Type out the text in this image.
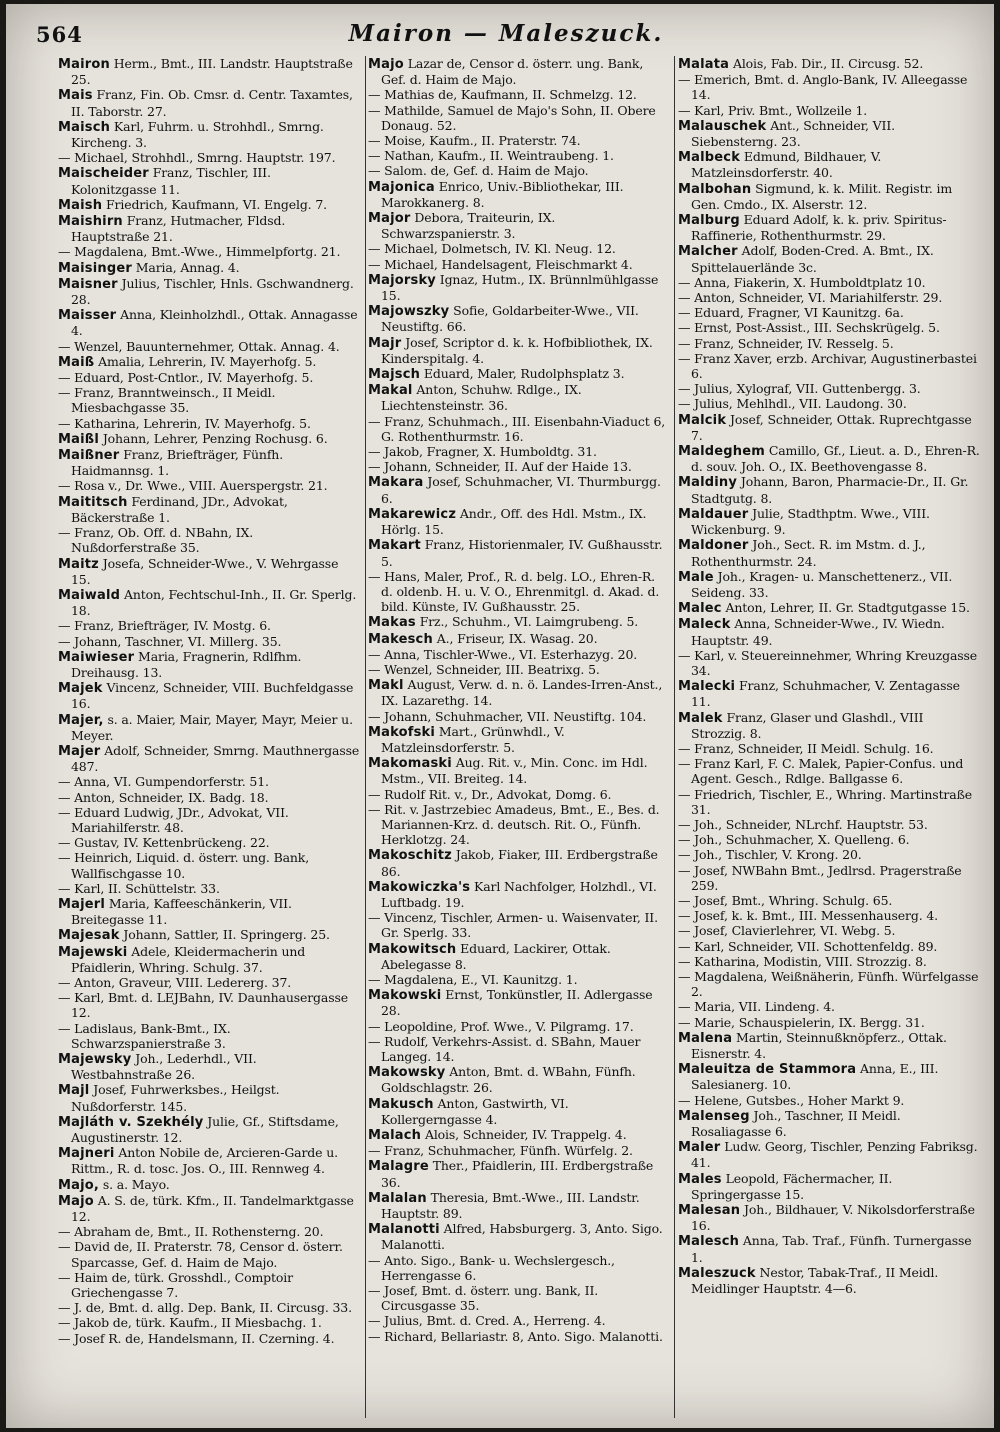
564	Mairon — Maleszuck.

Mairon Herm., Bmt., III. Landstr. Hauptstraße 25.

Mais Franz, Fin. Ob. Cmsr. d. Centr. Taxamtes, II. Taborstr. 27.

Maisch Karl, Fuhrm. u. Strohhdl., Smrng. Kircheng. 3.

— Michael, Strohhdl., Smrng. Hauptstr. 197.

Maischeider Franz, Tischler, III. Kolonitzgasse 11.

Maish Friedrich, Kaufmann, VI. Engelg. 7.

Maishirn Franz, Hutmacher, Fldsd. Hauptstraße 21.

— Magdalena, Bmt.-Wwe., Himmelpfortg. 21.

Maisinger Maria, Annag. 4.

Maisner Julius, Tischler, Hnls. Gschwandnerg. 28.

Maisser Anna, Kleinholzhdl., Ottak. Annagasse 4.

— Wenzel, Bauunternehmer, Ottak. Annag. 4.

Maiß Amalia, Lehrerin, IV. Mayerhofg. 5.

— Eduard, Post-Cntlor., IV. Mayerhofg. 5.

— Franz, Branntweinsch., II Meidl. Miesbachgasse 35.

— Katharina, Lehrerin, IV. Mayerhofg. 5.

Maißl Johann, Lehrer, Penzing Rochusg. 6.

Maißner Franz, Briefträger, Fünfh. Haidmannsg. 1.

— Rosa v., Dr. Wwe., VIII. Auerspergstr. 21.

Maititsch Ferdinand, JDr., Advokat, Bäckerstraße 1.

— Franz, Ob. Off. d. NBahn, IX. Nußdorferstraße 35.

Maitz Josefa, Schneider-Wwe., V. Wehrgasse 15.

Maiwald Anton, Fechtschul-Inh., II. Gr. Sperlg. 18.

— Franz, Briefträger, IV. Mostg. 6.

— Johann, Taschner, VI. Millerg. 35.

Maiwieser Maria, Fragnerin, Rdlfhm. Dreihausg. 13.

Majek Vincenz, Schneider, VIII. Buchfeldgasse 16.

Majer, s. a. Maier, Mair, Mayer, Mayr, Meier u. Meyer.

Majer Adolf, Schneider, Smrng. Mauthnergasse 487.

— Anna, VI. Gumpendorferstr. 51.

— Anton, Schneider, IX. Badg. 18.

— Eduard Ludwig, JDr., Advokat, VII. Mariahilferstr. 48.

— Gustav, IV. Kettenbrückeng. 22.

— Heinrich, Liquid. d. österr. ung. Bank, Wallfischgasse 10.

— Karl, II. Schüttelstr. 33.

Majerl Maria, Kaffeeschänkerin, VII. Breitegasse 11.

Majesak Johann, Sattler, II. Springerg. 25.

Majewski Adele, Kleidermacherin und Pfaidlerin, Whring. Schulg. 37.

— Anton, Graveur, VIII. Ledererg. 37.

— Karl, Bmt. d. LEJBahn, IV. Daunhausergasse 12.

— Ladislaus, Bank-Bmt., IX. Schwarzspanierstraße 3.

Majewsky Joh., Lederhdl., VII. Westbahnstraße 26.

Majl Josef, Fuhrwerksbes., Heilgst. Nußdorferstr. 145.

Majláth v. Szekhély Julie, Gf., Stiftsdame, Augustinerstr. 12.

Majneri Anton Nobile de, Arcieren-Garde u. Rittm., R. d. tosc. Jos. O., III. Rennweg 4.

Majo, s. a. Mayo.

Majo A. S. de, türk. Kfm., II. Tandelmarktgasse 12.

— Abraham de, Bmt., II. Rothensterng. 20.

— David de, II. Praterstr. 78, Censor d. österr. Sparcasse, Gef. d. Haim de Majo.

— Haim de, türk. Grosshdl., Comptoir Griechengasse 7.

— J. de, Bmt. d. allg. Dep. Bank, II. Circusg. 33.

— Jakob de, türk. Kaufm., II Miesbachg. 1.

— Josef R. de, Handelsmann, II. Czerning. 4.

Majo Lazar de, Censor d. österr. ung. Bank, Gef. d. Haim de Majo.

— Mathias de, Kaufmann, II. Schmelzg. 12.

— Mathilde, Samuel de Majo's Sohn, II. Obere Donaug. 52.

— Moise, Kaufm., II. Praterstr. 74.

— Nathan, Kaufm., II. Weintraubeng. 1.

— Salom. de, Gef. d. Haim de Majo.

Majonica Enrico, Univ.-Bibliothekar, III. Marokkanerg. 8.

Major Debora, Traiteurin, IX. Schwarzspanierstr. 3.

— Michael, Dolmetsch, IV. Kl. Neug. 12.

— Michael, Handelsagent, Fleischmarkt 4.

Majorsky Ignaz, Hutm., IX. Brünnlmühlgasse 15.

Majowszky Sofie, Goldarbeiter-Wwe., VII. Neustiftg. 66.

Majr Josef, Scriptor d. k. k. Hofbibliothek, IX. Kinderspitalg. 4.

Majsch Eduard, Maler, Rudolphsplatz 3.

Makal Anton, Schuhw. Rdlge., IX. Liechtensteinstr. 36.

— Franz, Schuhmach., III. Eisenbahn-Viaduct 6, G. Rothenthurmstr. 16.

— Jakob, Fragner, X. Humboldtg. 31.

— Johann, Schneider, II. Auf der Haide 13.

Makara Josef, Schuhmacher, VI. Thurmburgg. 6.

Makarewicz Andr., Off. des Hdl. Mstm., IX. Hörlg. 15.

Makart Franz, Historienmaler, IV. Gußhausstr. 5.

— Hans, Maler, Prof., R. d. belg. LO., Ehren-R. d. oldenb. H. u. V. O., Ehrenmitgl. d. Akad. d. bild. Künste, IV. Gußhausstr. 25.

Makas Frz., Schuhm., VI. Laimgrubeng. 5.

Makesch A., Friseur, IX. Wasag. 20.

— Anna, Tischler-Wwe., VI. Esterhazyg. 20.

— Wenzel, Schneider, III. Beatrixg. 5.

Makl August, Verw. d. n. ö. Landes-Irren-Anst., IX. Lazarethg. 14.

— Johann, Schuhmacher, VII. Neustiftg. 104.

Makofski Mart., Grünwhdl., V. Matzleinsdorferstr. 5.

Makomaski Aug. Rit. v., Min. Conc. im Hdl. Mstm., VII. Breiteg. 14.

— Rudolf Rit. v., Dr., Advokat, Domg. 6.

— Rit. v. Jastrzebiec Amadeus, Bmt., E., Bes. d. Mariannen-Krz. d. deutsch. Rit. O., Fünfh. Herklotzg. 24.

Makoschitz Jakob, Fiaker, III. Erdbergstraße 86.

Makowiczka's Karl Nachfolger, Holzhdl., VI. Luftbadg. 19.

— Vincenz, Tischler, Armen- u. Waisenvater, II. Gr. Sperlg. 33.

Makowitsch Eduard, Lackirer, Ottak. Abelegasse 8.

— Magdalena, E., VI. Kaunitzg. 1.

Makowski Ernst, Tonkünstler, II. Adlergasse 28.

— Leopoldine, Prof. Wwe., V. Pilgramg. 17.

— Rudolf, Verkehrs-Assist. d. SBahn, Mauer Langeg. 14.

Makowsky Anton, Bmt. d. WBahn, Fünfh. Goldschlagstr. 26.

Makusch Anton, Gastwirth, VI. Kollergerngasse 4.

Malach Alois, Schneider, IV. Trappelg. 4.

— Franz, Schuhmacher, Fünfh. Würfelg. 2.

Malagre Ther., Pfaidlerin, III. Erdbergstraße 36.

Malalan Theresia, Bmt.-Wwe., III. Landstr. Hauptstr. 89.

Malanotti Alfred, Habsburgerg. 3, Anto. Sigo. Malanotti.

— Anto. Sigo., Bank- u. Wechslergesch., Herrengasse 6.

— Josef, Bmt. d. österr. ung. Bank, II. Circusgasse 35.

— Julius, Bmt. d. Cred. A., Herreng. 4.

— Richard, Bellariastr. 8, Anto. Sigo. Malanotti.

Malata Alois, Fab. Dir., II. Circusg. 52.

— Emerich, Bmt. d. Anglo-Bank, IV. Alleegasse 14.

— Karl, Priv. Bmt., Wollzeile 1.

Malauschek Ant., Schneider, VII. Siebensterng. 23.

Malbeck Edmund, Bildhauer, V. Matzleinsdorferstr. 40.

Malbohan Sigmund, k. k. Milit. Registr. im Gen. Cmdo., IX. Alserstr. 12.

Malburg Eduard Adolf, k. k. priv. Spiritus-Raffinerie, Rothenthurmstr. 29.

Malcher Adolf, Boden-Cred. A. Bmt., IX. Spittelauerlände 3c.

— Anna, Fiakerin, X. Humboldtplatz 10.

— Anton, Schneider, VI. Mariahilferstr. 29.

— Eduard, Fragner, VI Kaunitzg. 6a.

— Ernst, Post-Assist., III. Sechskrügelg. 5.

— Franz, Schneider, IV. Resselg. 5.

— Franz Xaver, erzb. Archivar, Augustinerbastei 6.

— Julius, Xylograf, VII. Guttenbergg. 3.

— Julius, Mehlhdl., VII. Laudong. 30.

Malcik Josef, Schneider, Ottak. Ruprechtgasse 7.

Maldeghem Camillo, Gf., Lieut. a. D., Ehren-R. d. souv. Joh. O., IX. Beethovengasse 8.

Maldiny Johann, Baron, Pharmacie-Dr., II. Gr. Stadtgutg. 8.

Maldauer Julie, Stadthptm. Wwe., VIII. Wickenburg. 9.

Maldoner Joh., Sect. R. im Mstm. d. J., Rothenthurmstr. 24.

Male Joh., Kragen- u. Manschettenerz., VII. Seideng. 33.

Malec Anton, Lehrer, II. Gr. Stadtgutgasse 15.

Maleck Anna, Schneider-Wwe., IV. Wiedn. Hauptstr. 49.

— Karl, v. Steuereinnehmer, Whring Kreuzgasse 34.

Malecki Franz, Schuhmacher, V. Zentagasse 11.

Malek Franz, Glaser und Glashdl., VIII Strozzig. 8.

— Franz, Schneider, II Meidl. Schulg. 16.

— Franz Karl, F. C. Malek, Papier-Confus. und Agent. Gesch., Rdlge. Ballgasse 6.

— Friedrich, Tischler, E., Whring. Martinstraße 31.

— Joh., Schneider, NLrchf. Hauptstr. 53.

— Joh., Schuhmacher, X. Quelleng. 6.

— Joh., Tischler, V. Krong. 20.

— Josef, NWBahn Bmt., Jedlrsd. Pragerstraße 259.

— Josef, Bmt., Whring. Schulg. 65.

— Josef, k. k. Bmt., III. Messenhauserg. 4.

— Josef, Clavierlehrer, VI. Webg. 5.

— Karl, Schneider, VII. Schottenfeldg. 89.

— Katharina, Modistin, VIII. Strozzig. 8.

— Magdalena, Weißnäherin, Fünfh. Würfelgasse 2.

— Maria, VII. Lindeng. 4.

— Marie, Schauspielerin, IX. Bergg. 31.

Malena Martin, Steinnußknöpferz., Ottak. Eisnerstr. 4.

Maleuitza de Stammora Anna, E., III. Salesianerg. 10.

— Helene, Gutsbes., Hoher Markt 9.

Malenseg Joh., Taschner, II Meidl. Rosaliagasse 6.

Maler Ludw. Georg, Tischler, Penzing Fabriksg. 41.

Males Leopold, Fächermacher, II. Springergasse 15.

Malesan Joh., Bildhauer, V. Nikolsdorferstraße 16.

Malesch Anna, Tab. Traf., Fünfh. Turnergasse 1.

Maleszuck Nestor, Tabak-Traf., II Meidl. Meidlinger Hauptstr. 4—6.
